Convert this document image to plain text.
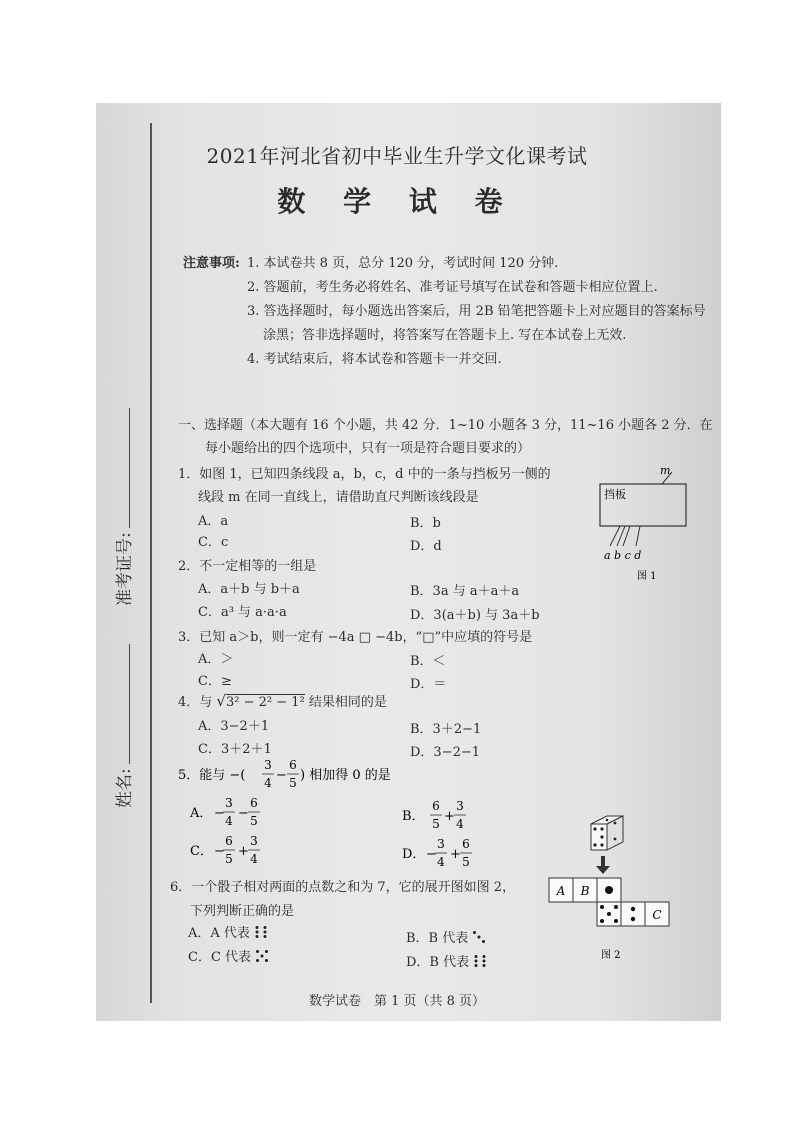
准考证号:
姓名:
2021年河北省初中毕业生升学文化课考试
数 学 试 卷
注意事项: 1. 本试卷共 8 页，总分 120 分，考试时间 120 分钟.
2. 答题前，考生务必将姓名、准考证号填写在试卷和答题卡相应位置上.
3. 答选择题时，每小题选出答案后，用 2B 铅笔把答题卡上对应题目的答案标号
涂黑；答非选择题时，将答案写在答题卡上. 写在本试卷上无效.
4. 考试结束后，将本试卷和答题卡一并交回.
一、选择题（本大题有 16 个小题，共 42 分．1~10 小题各 3 分，11~16 小题各 2 分．在
每小题给出的四个选项中，只有一项是符合题目要求的）
1．如图 1，已知四条线段 a，b，c，d 中的一条与挡板另一侧的
线段 m 在同一直线上，请借助直尺判断该线段是
A．a	B．b
C．c	D．d
m
挡板
a b c d
图 1
2．不一定相等的一组是
A．a＋b 与 b＋a	B．3a 与 a＋a＋a
C．a³ 与 a·a·a	D．3(a＋b) 与 3a＋b
3．已知 a＞b，则一定有 −4a □ −4b，“□”中应填的符号是
A．＞	B．＜
C．≥	D．＝
4．与 √3² − 2² − 1² 结果相同的是
A．3−2＋1	B．3＋2−1
C．3＋2＋1	D．3−2−1
5．能与 −(
3
4 −
6
5 ) 相加得 0 的是
A． −
3
4 −
6
5	B．
6
5 +
3
4
C． −
6
5 +
3
4	D． −
3
4 +
6
5
6．一个骰子相对两面的点数之和为 7，它的展开图如图 2，
下列判断正确的是
A．A 代表	B．B 代表
C．C 代表	D．B 代表
A B
C
图 2
数学试卷　第 1 页（共 8 页）
